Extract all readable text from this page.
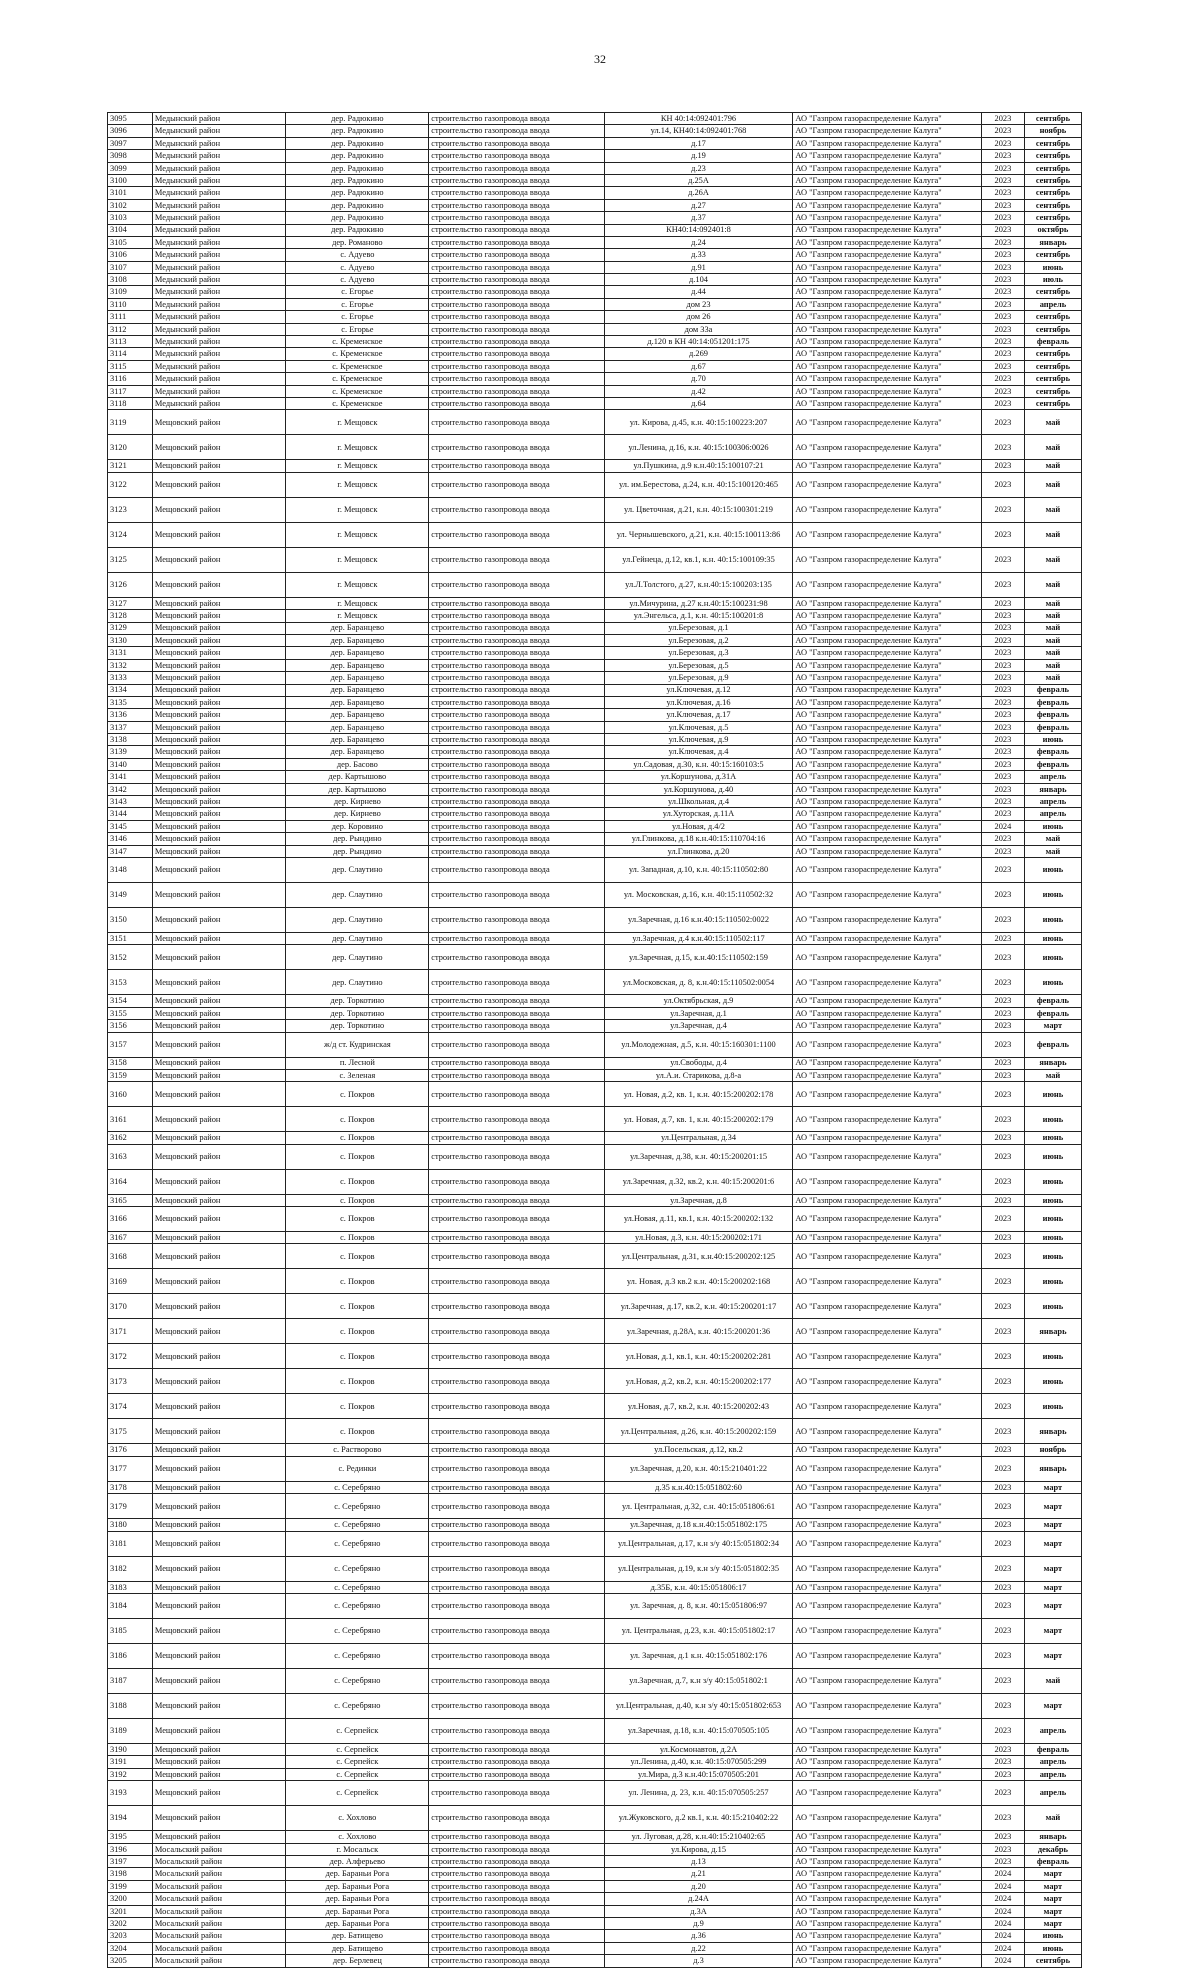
32
3095	Медынский район	дер. Радюкино	строительство газопровода ввода	КН 40:14:092401:796	АО "Газпром газораспределение Калуга"	2023	сентябрь
3096	Медынский район	дер. Радюкино	строительство газопровода ввода	ул.14, КН40:14:092401:768	АО "Газпром газораспределение Калуга"	2023	ноябрь
3097	Медынский район	дер. Радюкино	строительство газопровода ввода	д.17	АО "Газпром газораспределение Калуга"	2023	сентябрь
3098	Медынский район	дер. Радюкино	строительство газопровода ввода	д.19	АО "Газпром газораспределение Калуга"	2023	сентябрь
3099	Медынский район	дер. Радюкино	строительство газопровода ввода	д.23	АО "Газпром газораспределение Калуга"	2023	сентябрь
3100	Медынский район	дер. Радюкино	строительство газопровода ввода	д.25А	АО "Газпром газораспределение Калуга"	2023	сентябрь
3101	Медынский район	дер. Радюкино	строительство газопровода ввода	д.26А	АО "Газпром газораспределение Калуга"	2023	сентябрь
3102	Медынский район	дер. Радюкино	строительство газопровода ввода	д.27	АО "Газпром газораспределение Калуга"	2023	сентябрь
3103	Медынский район	дер. Радюкино	строительство газопровода ввода	д.37	АО "Газпром газораспределение Калуга"	2023	сентябрь
3104	Медынский район	дер. Радюкино	строительство газопровода ввода	КН40:14:092401:8	АО "Газпром газораспределение Калуга"	2023	октябрь
3105	Медынский район	дер. Романово	строительство газопровода ввода	д.24	АО "Газпром газораспределение Калуга"	2023	январь
3106	Медынский район	с. Адуево	строительство газопровода ввода	д.33	АО "Газпром газораспределение Калуга"	2023	сентябрь
3107	Медынский район	с. Адуево	строительство газопровода ввода	д.91	АО "Газпром газораспределение Калуга"	2023	июнь
3108	Медынский район	с. Адуево	строительство газопровода ввода	д.104	АО "Газпром газораспределение Калуга"	2023	июль
3109	Медынский район	с. Егорье	строительство газопровода ввода	д.44	АО "Газпром газораспределение Калуга"	2023	сентябрь
3110	Медынский район	с. Егорье	строительство газопровода ввода	дом 23	АО "Газпром газораспределение Калуга"	2023	апрель
3111	Медынский район	с. Егорье	строительство газопровода ввода	дом 26	АО "Газпром газораспределение Калуга"	2023	сентябрь
3112	Медынский район	с. Егорье	строительство газопровода ввода	дом 33а	АО "Газпром газораспределение Калуга"	2023	сентябрь
3113	Медынский район	с. Кременское	строительство газопровода ввода	д.120 в КН 40:14:051201:175	АО "Газпром газораспределение Калуга"	2023	февраль
3114	Медынский район	с. Кременское	строительство газопровода ввода	д.269	АО "Газпром газораспределение Калуга"	2023	сентябрь
3115	Медынский район	с. Кременское	строительство газопровода ввода	д.67	АО "Газпром газораспределение Калуга"	2023	сентябрь
3116	Медынский район	с. Кременское	строительство газопровода ввода	д.70	АО "Газпром газораспределение Калуга"	2023	сентябрь
3117	Медынский район	с. Кременское	строительство газопровода ввода	д.42	АО "Газпром газораспределение Калуга"	2023	сентябрь
3118	Медынский район	с. Кременское	строительство газопровода ввода	д.64	АО "Газпром газораспределение Калуга"	2023	сентябрь
3119	Мещовский район	г. Мещовск	строительство газопровода ввода	ул. Кирова, д.45, к.н. 40:15:100223:207	АО "Газпром газораспределение Калуга"	2023	май
3120	Мещовский район	г. Мещовск	строительство газопровода ввода	ул.Ленина, д.16, к.н. 40:15:100306:0026	АО "Газпром газораспределение Калуга"	2023	май
3121	Мещовский район	г. Мещовск	строительство газопровода ввода	ул.Пушкина, д.9 к.н.40:15:100107:21	АО "Газпром газораспределение Калуга"	2023	май
3122	Мещовский район	г. Мещовск	строительство газопровода ввода	ул. им.Берестова, д.24, к.н. 40:15:100120:465	АО "Газпром газораспределение Калуга"	2023	май
3123	Мещовский район	г. Мещовск	строительство газопровода ввода	ул. Цветочная, д.21, к.н. 40:15:100301:219	АО "Газпром газораспределение Калуга"	2023	май
3124	Мещовский район	г. Мещовск	строительство газопровода ввода	ул. Чернышевского, д.21, к.н. 40:15:100113:86	АО "Газпром газораспределение Калуга"	2023	май
3125	Мещовский район	г. Мещовск	строительство газопровода ввода	ул.Гейнеца, д.12, кв.1, к.н. 40:15:100109:35	АО "Газпром газораспределение Калуга"	2023	май
3126	Мещовский район	г. Мещовск	строительство газопровода ввода	ул.Л.Толстого, д.27, к.н.40:15:100203:135	АО "Газпром газораспределение Калуга"	2023	май
3127	Мещовский район	г. Мещовск	строительство газопровода ввода	ул.Мичурина, д.27 к.н.40:15:100231:98	АО "Газпром газораспределение Калуга"	2023	май
3128	Мещовский район	г. Мещовск	строительство газопровода ввода	ул.Энгельса, д.1, к.н. 40:15:100201:8	АО "Газпром газораспределение Калуга"	2023	май
3129	Мещовский район	дер. Баранцево	строительство газопровода ввода	ул.Березовая, д.1	АО "Газпром газораспределение Калуга"	2023	май
3130	Мещовский район	дер. Баранцево	строительство газопровода ввода	ул.Березовая, д.2	АО "Газпром газораспределение Калуга"	2023	май
3131	Мещовский район	дер. Баранцево	строительство газопровода ввода	ул.Березовая, д.3	АО "Газпром газораспределение Калуга"	2023	май
3132	Мещовский район	дер. Баранцево	строительство газопровода ввода	ул.Березовая, д.5	АО "Газпром газораспределение Калуга"	2023	май
3133	Мещовский район	дер. Баранцево	строительство газопровода ввода	ул.Березовая, д.9	АО "Газпром газораспределение Калуга"	2023	май
3134	Мещовский район	дер. Баранцево	строительство газопровода ввода	ул.Ключевая, д.12	АО "Газпром газораспределение Калуга"	2023	февраль
3135	Мещовский район	дер. Баранцево	строительство газопровода ввода	ул.Ключевая, д.16	АО "Газпром газораспределение Калуга"	2023	февраль
3136	Мещовский район	дер. Баранцево	строительство газопровода ввода	ул.Ключевая, д.17	АО "Газпром газораспределение Калуга"	2023	февраль
3137	Мещовский район	дер. Баранцево	строительство газопровода ввода	ул.Ключевая, д.5	АО "Газпром газораспределение Калуга"	2023	февраль
3138	Мещовский район	дер. Баранцево	строительство газопровода ввода	ул.Ключевая, д.9	АО "Газпром газораспределение Калуга"	2023	июнь
3139	Мещовский район	дер. Баранцево	строительство газопровода ввода	ул.Ключевая, д.4	АО "Газпром газораспределение Калуга"	2023	февраль
3140	Мещовский район	дер. Басово	строительство газопровода ввода	ул.Садовая, д.30, к.н. 40:15:160103:5	АО "Газпром газораспределение Калуга"	2023	февраль
3141	Мещовский район	дер. Картышово	строительство газопровода ввода	ул.Коршунова, д.31А	АО "Газпром газораспределение Калуга"	2023	апрель
3142	Мещовский район	дер. Картышово	строительство газопровода ввода	ул.Коршунова, д.40	АО "Газпром газораспределение Калуга"	2023	январь
3143	Мещовский район	дер. Кирнево	строительство газопровода ввода	ул.Школьная, д.4	АО "Газпром газораспределение Калуга"	2023	апрель
3144	Мещовский район	дер. Кирнево	строительство газопровода ввода	ул.Хуторская, д.11А	АО "Газпром газораспределение Калуга"	2023	апрель
3145	Мещовский район	дер. Коровино	строительство газопровода ввода	ул.Новая, д.4/2	АО "Газпром газораспределение Калуга"	2024	июнь
3146	Мещовский район	дер. Рындино	строительство газопровода ввода	ул.Глинкова, д.18 к.н.40:15:110704:16	АО "Газпром газораспределение Калуга"	2023	май
3147	Мещовский район	дер. Рындино	строительство газопровода ввода	ул.Глинкова, д.20	АО "Газпром газораспределение Калуга"	2023	май
3148	Мещовский район	дер. Слаутино	строительство газопровода ввода	ул. Западная, д.10, к.н. 40:15:110502:80	АО "Газпром газораспределение Калуга"	2023	июнь
3149	Мещовский район	дер. Слаутино	строительство газопровода ввода	ул. Московская, д.16, к.н. 40:15:110502:32	АО "Газпром газораспределение Калуга"	2023	июнь
3150	Мещовский район	дер. Слаутино	строительство газопровода ввода	ул.Заречная, д.16 к.н.40:15:110502:0022	АО "Газпром газораспределение Калуга"	2023	июнь
3151	Мещовский район	дер. Слаутино	строительство газопровода ввода	ул.Заречная, д.4 к.н.40:15:110502:117	АО "Газпром газораспределение Калуга"	2023	июнь
3152	Мещовский район	дер. Слаутино	строительство газопровода ввода	ул.Заречная, д.15, к.н.40:15:110502:159	АО "Газпром газораспределение Калуга"	2023	июнь
3153	Мещовский район	дер. Слаутино	строительство газопровода ввода	ул.Московская, д. 8, к.н.40:15:110502:0054	АО "Газпром газораспределение Калуга"	2023	июнь
3154	Мещовский район	дер. Торкотино	строительство газопровода ввода	ул.Октябрьская, д.9	АО "Газпром газораспределение Калуга"	2023	февраль
3155	Мещовский район	дер. Торкотино	строительство газопровода ввода	ул.Заречная, д.1	АО "Газпром газораспределение Калуга"	2023	февраль
3156	Мещовский район	дер. Торкотино	строительство газопровода ввода	ул.Заречная, д.4	АО "Газпром газораспределение Калуга"	2023	март
3157	Мещовский район	ж/д ст. Кудринская	строительство газопровода ввода	ул.Молодежная, д.5, к.н. 40:15:160301:1100	АО "Газпром газораспределение Калуга"	2023	февраль
3158	Мещовский район	п. Лесной	строительство газопровода ввода	ул.Свободы, д.4	АО "Газпром газораспределение Калуга"	2023	январь
3159	Мещовский район	с. Зеленая	строительство газопровода ввода	ул.А.и. Стариковa, д.8-а	АО "Газпром газораспределение Калуга"	2023	май
3160	Мещовский район	с. Покров	строительство газопровода ввода	ул. Новая, д.2, кв. 1, к.н. 40:15:200202:178	АО "Газпром газораспределение Калуга"	2023	июнь
3161	Мещовский район	с. Покров	строительство газопровода ввода	ул. Новая, д.7, кв. 1, к.н. 40:15:200202:179	АО "Газпром газораспределение Калуга"	2023	июнь
3162	Мещовский район	с. Покров	строительство газопровода ввода	ул.Центральная, д.34	АО "Газпром газораспределение Калуга"	2023	июнь
3163	Мещовский район	с. Покров	строительство газопровода ввода	ул.Заречная, д.38, к.н. 40:15:200201:15	АО "Газпром газораспределение Калуга"	2023	июнь
3164	Мещовский район	с. Покров	строительство газопровода ввода	ул.Заречная, д.32, кв.2, к.н. 40:15:200201:6	АО "Газпром газораспределение Калуга"	2023	июнь
3165	Мещовский район	с. Покров	строительство газопровода ввода	ул.Заречная, д.8	АО "Газпром газораспределение Калуга"	2023	июнь
3166	Мещовский район	с. Покров	строительство газопровода ввода	ул.Новая, д.11, кв.1, к.н. 40:15:200202:132	АО "Газпром газораспределение Калуга"	2023	июнь
3167	Мещовский район	с. Покров	строительство газопровода ввода	ул.Новая, д.3, к.н. 40:15:200202:171	АО "Газпром газораспределение Калуга"	2023	июнь
3168	Мещовский район	с. Покров	строительство газопровода ввода	ул.Центральная, д.31, к.н.40:15:200202:125	АО "Газпром газораспределение Калуга"	2023	июнь
3169	Мещовский район	с. Покров	строительство газопровода ввода	ул. Новая, д.3 кв.2 к.н. 40:15:200202:168	АО "Газпром газораспределение Калуга"	2023	июнь
3170	Мещовский район	с. Покров	строительство газопровода ввода	ул.Заречная, д.17, кв.2, к.н. 40:15:200201:17	АО "Газпром газораспределение Калуга"	2023	июнь
3171	Мещовский район	с. Покров	строительство газопровода ввода	ул.Заречная, д.28А, к.н. 40:15:200201:36	АО "Газпром газораспределение Калуга"	2023	январь
3172	Мещовский район	с. Покров	строительство газопровода ввода	ул.Новая, д.1, кв.1, к.н. 40:15:200202:281	АО "Газпром газораспределение Калуга"	2023	июнь
3173	Мещовский район	с. Покров	строительство газопровода ввода	ул.Новая, д.2, кв.2, к.н. 40:15:200202:177	АО "Газпром газораспределение Калуга"	2023	июнь
3174	Мещовский район	с. Покров	строительство газопровода ввода	ул.Новая, д.7, кв.2, к.н. 40:15:200202:43	АО "Газпром газораспределение Калуга"	2023	июнь
3175	Мещовский район	с. Покров	строительство газопровода ввода	ул.Центральная, д.26, к.н. 40:15:200202:159	АО "Газпром газораспределение Калуга"	2023	январь
3176	Мещовский район	с. Растворово	строительство газопровода ввода	ул.Посельская, д.12, кв.2	АО "Газпром газораспределение Калуга"	2023	ноябрь
3177	Мещовский район	с. Рединки	строительство газопровода ввода	ул.Заречная, д.20, к.н. 40:15:210401:22	АО "Газпром газораспределение Калуга"	2023	январь
3178	Мещовский район	с. Серебряно	строительство газопровода ввода	д.35 к.н.40:15:051802:60	АО "Газпром газораспределение Калуга"	2023	март
3179	Мещовский район	с. Серебряно	строительство газопровода ввода	ул. Центральная, д.32, с.н. 40:15:051806:61	АО "Газпром газораспределение Калуга"	2023	март
3180	Мещовский район	с. Серебряно	строительство газопровода ввода	ул.Заречная, д.18 к.н.40:15:051802:175	АО "Газпром газораспределение Калуга"	2023	март
3181	Мещовский район	с. Серебряно	строительство газопровода ввода	ул.Центральная, д.17, к.н з/у 40:15:051802:34	АО "Газпром газораспределение Калуга"	2023	март
3182	Мещовский район	с. Серебряно	строительство газопровода ввода	ул.Центральная, д.19, к.н з/у 40:15:051802:35	АО "Газпром газораспределение Калуга"	2023	март
3183	Мещовский район	с. Серебряно	строительство газопровода ввода	д.35Б, к.н. 40:15:051806:17	АО "Газпром газораспределение Калуга"	2023	март
3184	Мещовский район	с. Серебряно	строительство газопровода ввода	ул. Заречная, д. 8, к.н. 40:15:051806:97	АО "Газпром газораспределение Калуга"	2023	март
3185	Мещовский район	с. Серебряно	строительство газопровода ввода	ул. Центральная, д.23, к.н. 40:15:051802:17	АО "Газпром газораспределение Калуга"	2023	март
3186	Мещовский район	с. Серебряно	строительство газопровода ввода	ул. Заречная, д.1 к.н. 40:15:051802:176	АО "Газпром газораспределение Калуга"	2023	март
3187	Мещовский район	с. Серебряно	строительство газопровода ввода	ул.Заречная, д.7, к.н з/у 40:15:051802:1	АО "Газпром газораспределение Калуга"	2023	май
3188	Мещовский район	с. Серебряно	строительство газопровода ввода	ул.Центральная, д.40, к.н з/у 40:15:051802:653	АО "Газпром газораспределение Калуга"	2023	март
3189	Мещовский район	с. Серпейск	строительство газопровода ввода	ул.Заречная, д.18, к.н. 40:15:070505:105	АО "Газпром газораспределение Калуга"	2023	апрель
3190	Мещовский район	с. Серпейск	строительство газопровода ввода	ул.Космонавтов, д.2А	АО "Газпром газораспределение Калуга"	2023	февраль
3191	Мещовский район	с. Серпейск	строительство газопровода ввода	ул.Ленина, д.40, к.н. 40:15:070505:299	АО "Газпром газораспределение Калуга"	2023	апрель
3192	Мещовский район	с. Серпейск	строительство газопровода ввода	ул.Мира, д.3 к.н.40:15:070505:201	АО "Газпром газораспределение Калуга"	2023	апрель
3193	Мещовский район	с. Серпейск	строительство газопровода ввода	ул. Ленина, д. 23, к.н. 40:15:070505:257	АО "Газпром газораспределение Калуга"	2023	апрель
3194	Мещовский район	с. Хохлово	строительство газопровода ввода	ул.Жуковского, д.2 кв.1, к.н. 40:15:210402:22	АО "Газпром газораспределение Калуга"	2023	май
3195	Мещовский район	с. Хохлово	строительство газопровода ввода	ул. Луговая, д.28, к.н.40:15:210402:65	АО "Газпром газораспределение Калуга"	2023	январь
3196	Мосальский район	г. Мосальск	строительство газопровода ввода	ул.Кирова, д.15	АО "Газпром газораспределение Калуга"	2023	декабрь
3197	Мосальский район	дер. Алферьево	строительство газопровода ввода	д.13	АО "Газпром газораспределение Калуга"	2023	февраль
3198	Мосальский район	дер. Бараньи Рога	строительство газопровода ввода	д.21	АО "Газпром газораспределение Калуга"	2024	март
3199	Мосальский район	дер. Бараньи Рога	строительство газопровода ввода	д.20	АО "Газпром газораспределение Калуга"	2024	март
3200	Мосальский район	дер. Бараньи Рога	строительство газопровода ввода	д.24А	АО "Газпром газораспределение Калуга"	2024	март
3201	Мосальский район	дер. Бараньи Рога	строительство газопровода ввода	д.3А	АО "Газпром газораспределение Калуга"	2024	март
3202	Мосальский район	дер. Бараньи Рога	строительство газопровода ввода	д.9	АО "Газпром газораспределение Калуга"	2024	март
3203	Мосальский район	дер. Батищево	строительство газопровода ввода	д.36	АО "Газпром газораспределение Калуга"	2024	июнь
3204	Мосальский район	дер. Батищево	строительство газопровода ввода	д.22	АО "Газпром газораспределение Калуга"	2024	июнь
3205	Мосальский район	дер. Берлевец	строительство газопровода ввода	д.3	АО "Газпром газораспределение Калуга"	2024	сентябрь
